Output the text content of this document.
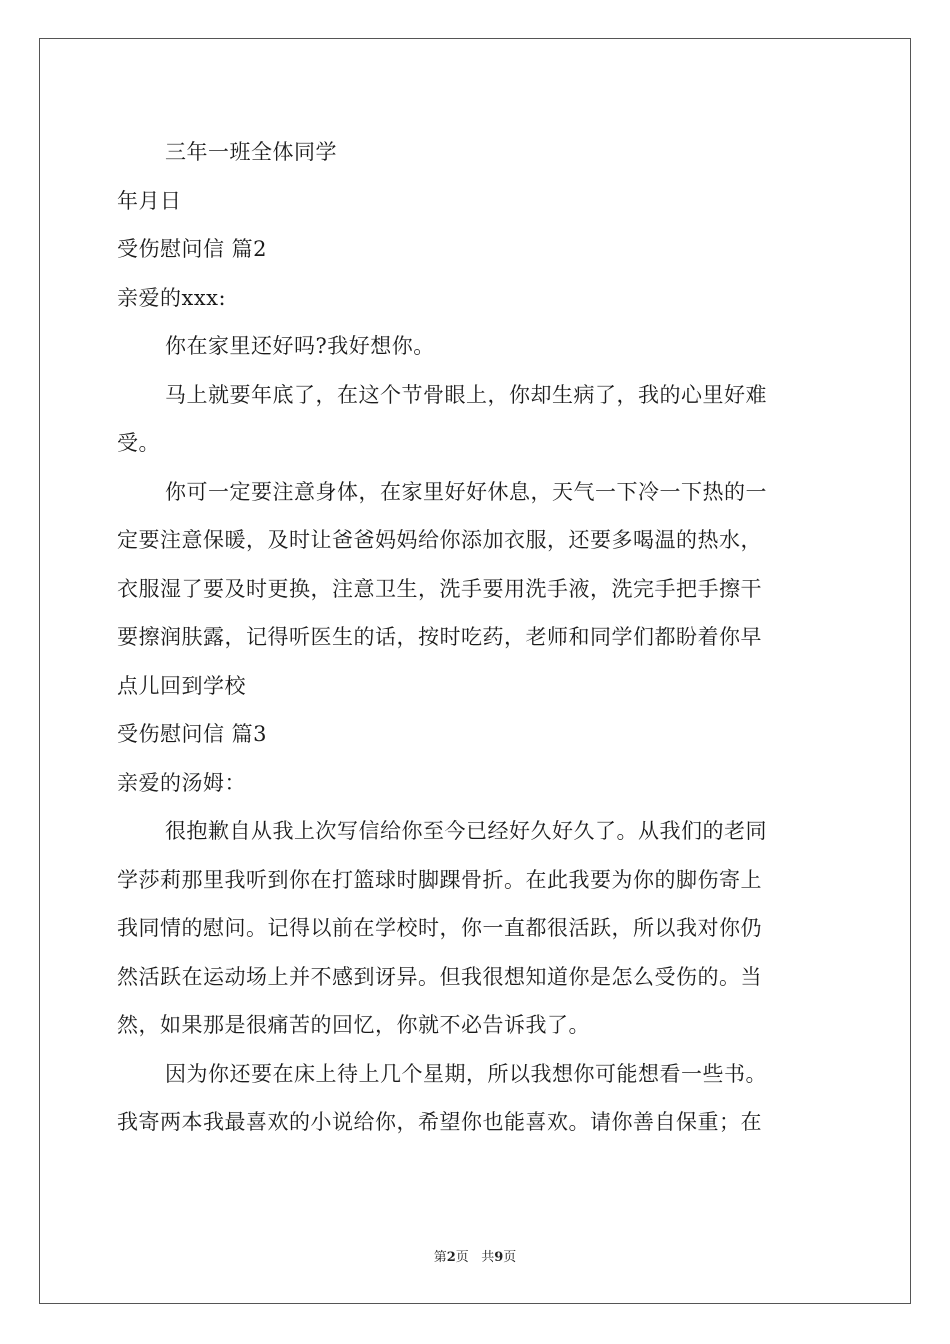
三年一班全体同学
年月日
受伤慰问信 篇2
亲爱的xxx:
你在家里还好吗?我好想你。
马上就要年底了，在这个节骨眼上，你却生病了，我的心里好难
受。
你可一定要注意身体，在家里好好休息，天气一下冷一下热的一
定要注意保暖，及时让爸爸妈妈给你添加衣服，还要多喝温的热水，
衣服湿了要及时更换，注意卫生，洗手要用洗手液，洗完手把手擦干
要擦润肤露，记得听医生的话，按时吃药，老师和同学们都盼着你早
点儿回到学校
受伤慰问信 篇3
亲爱的汤姆：
很抱歉自从我上次写信给你至今已经好久好久了。从我们的老同
学莎莉那里我听到你在打篮球时脚踝骨折。在此我要为你的脚伤寄上
我同情的慰问。记得以前在学校时，你一直都很活跃，所以我对你仍
然活跃在运动场上并不感到讶异。但我很想知道你是怎么受伤的。当
然，如果那是很痛苦的回忆，你就不必告诉我了。
因为你还要在床上待上几个星期，所以我想你可能想看一些书。
我寄两本我最喜欢的小说给你，希望你也能喜欢。请你善自保重；在
第2页 共9页
